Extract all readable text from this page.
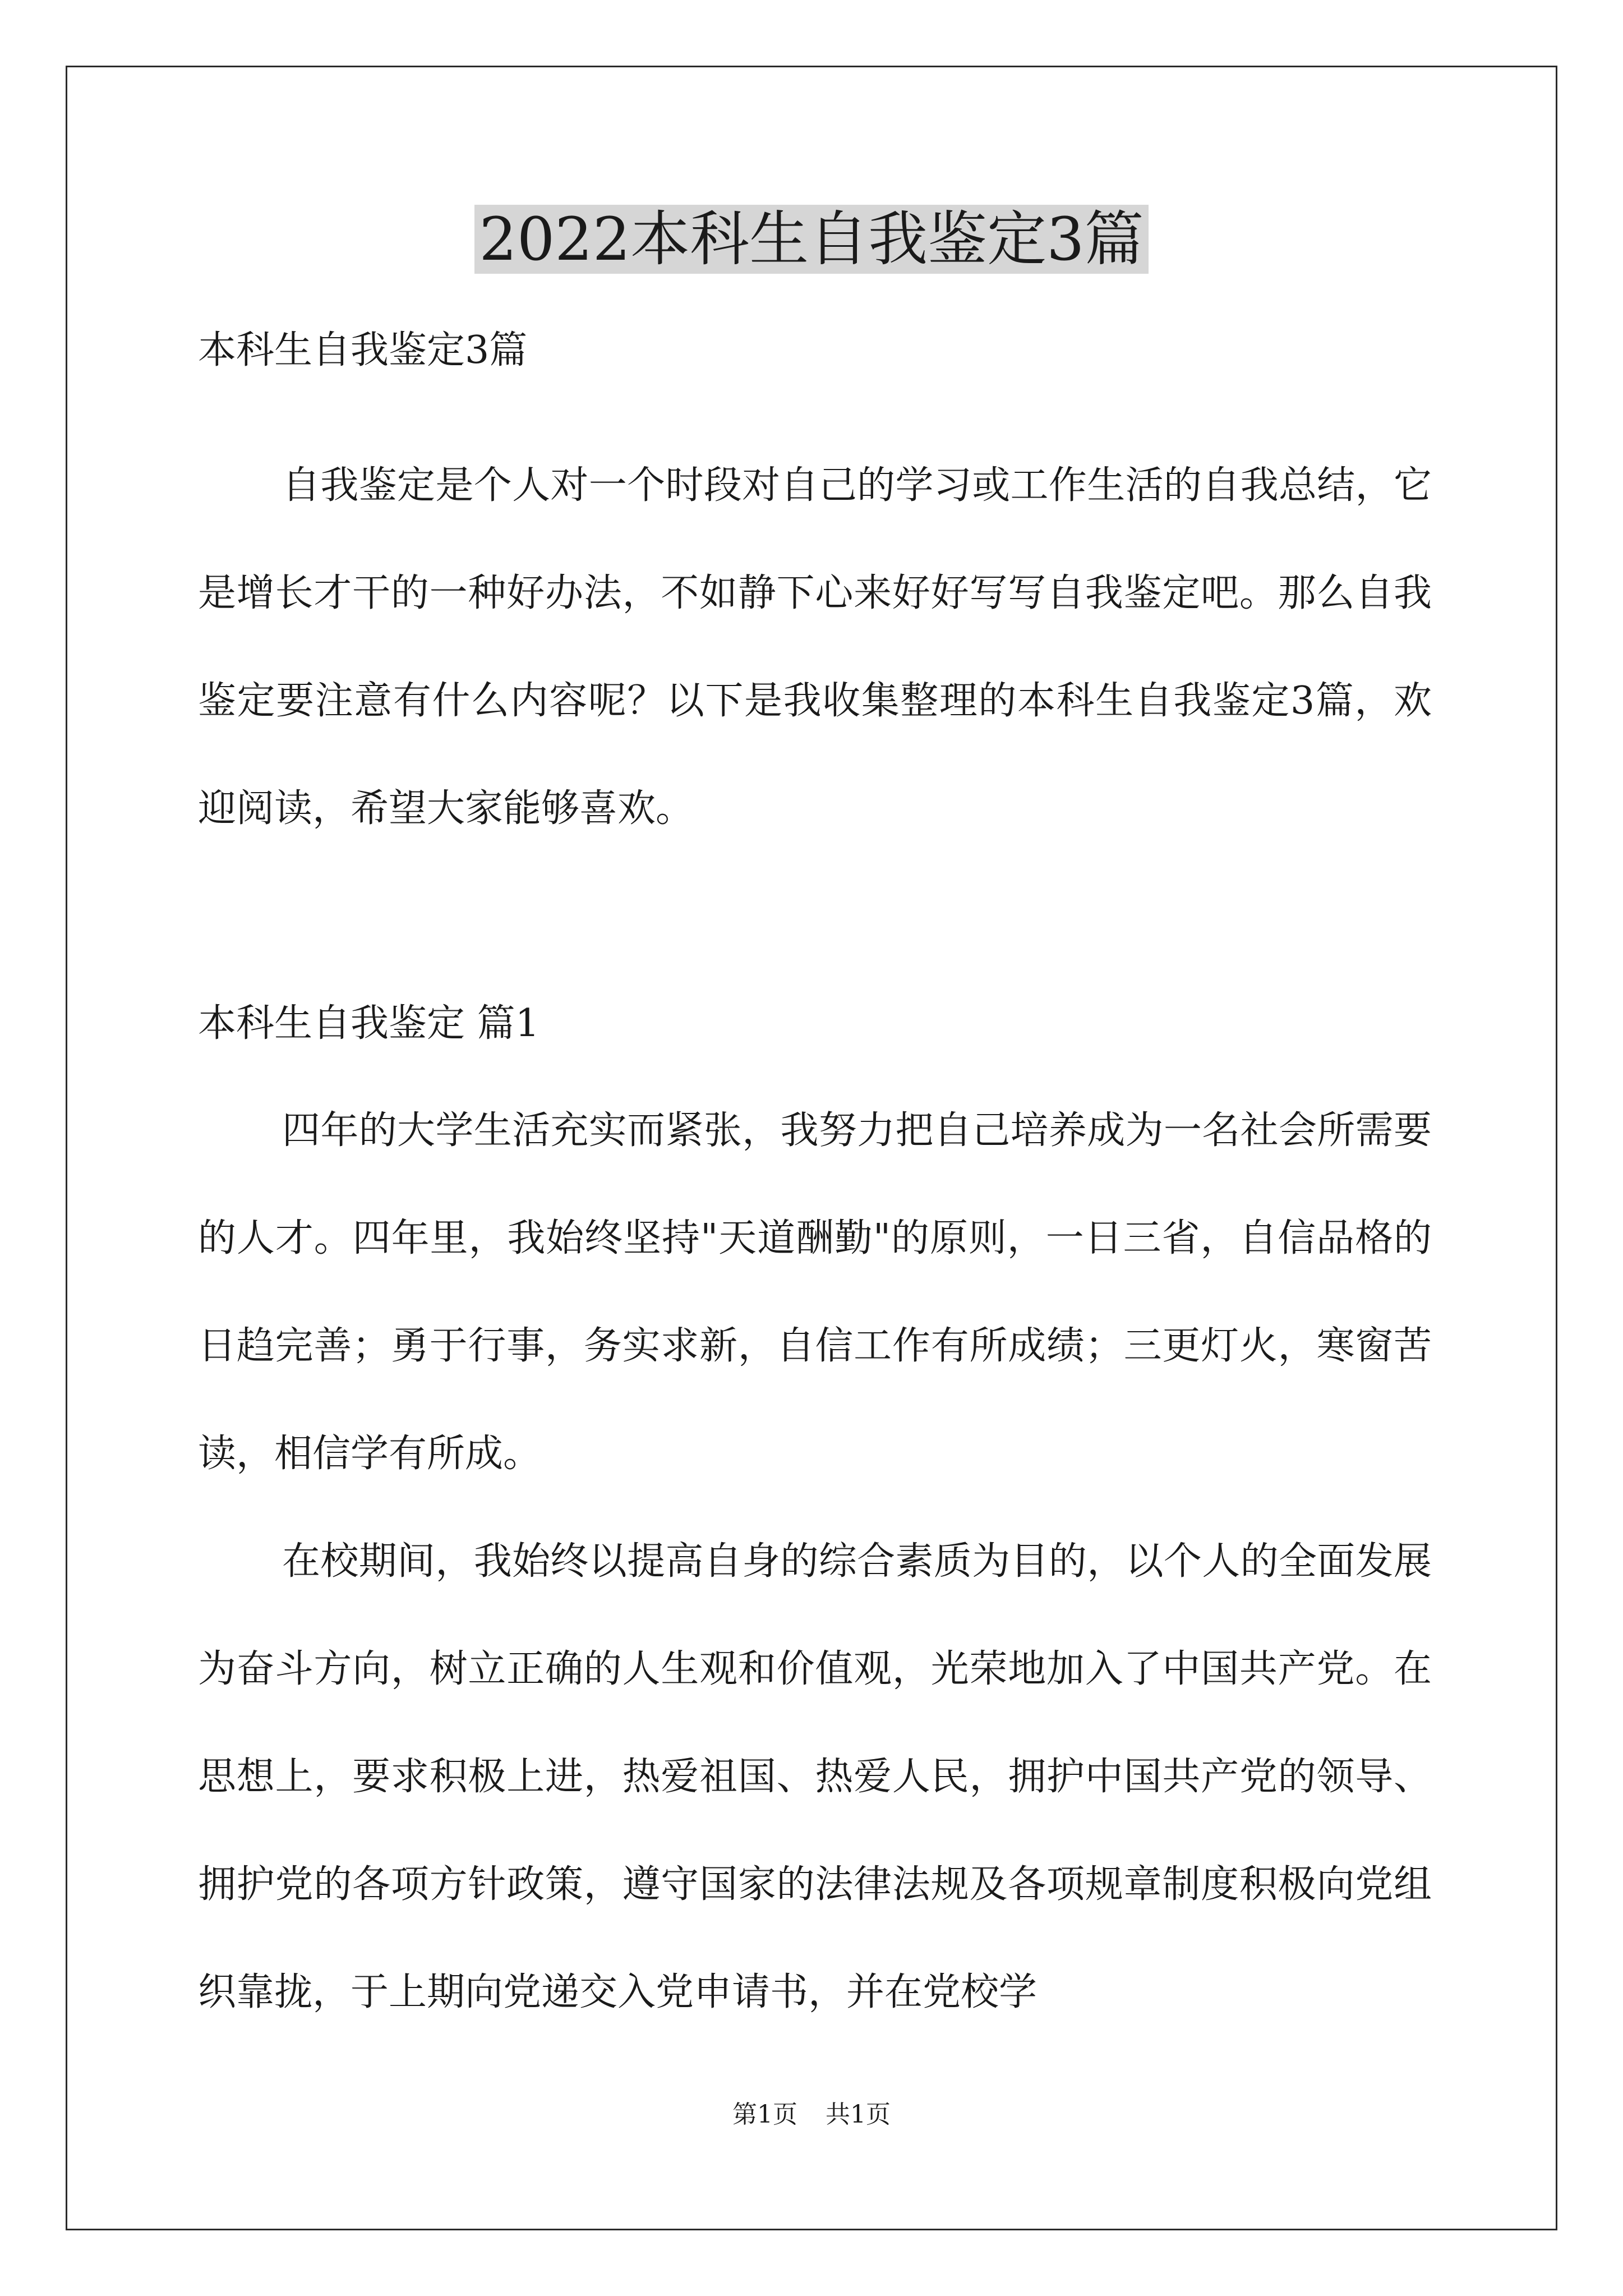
2022本科生自我鉴定3篇

本科生自我鉴定3篇

自我鉴定是个人对一个时段对自己的学习或工作生活的自我总结，它是增长才干的一种好办法，不如静下心来好好写写自我鉴定吧。那么自我鉴定要注意有什么内容呢？以下是我收集整理的本科生自我鉴定3篇，欢迎阅读，希望大家能够喜欢。

本科生自我鉴定 篇1

四年的大学生活充实而紧张，我努力把自己培养成为一名社会所需要的人才。四年里，我始终坚持"天道酬勤"的原则，一日三省，自信品格的日趋完善；勇于行事，务实求新，自信工作有所成绩；三更灯火，寒窗苦读，相信学有所成。

在校期间，我始终以提高自身的综合素质为目的，以个人的全面发展为奋斗方向，树立正确的人生观和价值观，光荣地加入了中国共产党。在思想上，要求积极上进，热爱祖国、热爱人民，拥护中国共产党的领导、拥护党的各项方针政策，遵守国家的法律法规及各项规章制度积极向党组织靠拢，于上期向党递交入党申请书，并在党校学

第1页 共1页
